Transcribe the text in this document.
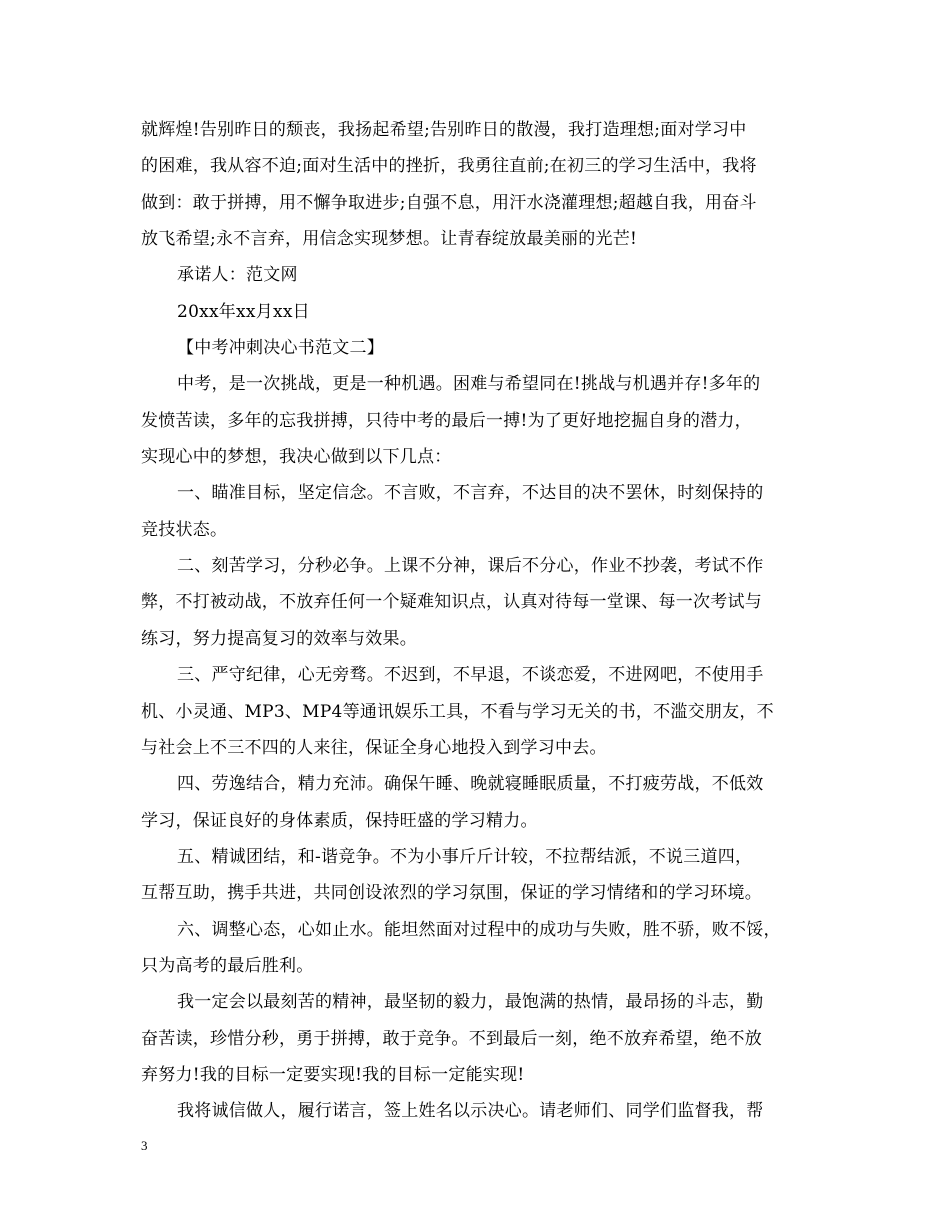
就辉煌!告别昨日的颓丧，我扬起希望;告别昨日的散漫，我打造理想;面对学习中
的困难，我从容不迫;面对生活中的挫折，我勇往直前;在初三的学习生活中，我将
做到：敢于拼搏，用不懈争取进步;自强不息，用汗水浇灌理想;超越自我，用奋斗
放飞希望;永不言弃，用信念实现梦想。让青春绽放最美丽的光芒!
承诺人：范文网
20xx年xx月xx日
【中考冲刺决心书范文二】
中考，是一次挑战，更是一种机遇。困难与希望同在!挑战与机遇并存!多年的
发愤苦读，多年的忘我拼搏，只待中考的最后一搏!为了更好地挖掘自身的潜力，
实现心中的梦想，我决心做到以下几点：
一、瞄准目标，坚定信念。不言败，不言弃，不达目的决不罢休，时刻保持的
竞技状态。
二、刻苦学习，分秒必争。上课不分神，课后不分心，作业不抄袭，考试不作
弊，不打被动战，不放弃任何一个疑难知识点，认真对待每一堂课、每一次考试与
练习，努力提高复习的效率与效果。
三、严守纪律，心无旁骛。不迟到，不早退，不谈恋爱，不进网吧，不使用手
机、小灵通、MP3、MP4等通讯娱乐工具，不看与学习无关的书，不滥交朋友，不
与社会上不三不四的人来往，保证全身心地投入到学习中去。
四、劳逸结合，精力充沛。确保午睡、晚就寝睡眠质量，不打疲劳战，不低效
学习，保证良好的身体素质，保持旺盛的学习精力。
五、精诚团结，和-谐竞争。不为小事斤斤计较，不拉帮结派，不说三道四，
互帮互助，携手共进，共同创设浓烈的学习氛围，保证的学习情绪和的学习环境。
六、调整心态，心如止水。能坦然面对过程中的成功与失败，胜不骄，败不馁，
只为高考的最后胜利。
我一定会以最刻苦的精神，最坚韧的毅力，最饱满的热情，最昂扬的斗志，勤
奋苦读，珍惜分秒，勇于拼搏，敢于竞争。不到最后一刻，绝不放弃希望，绝不放
弃努力!我的目标一定要实现!我的目标一定能实现!
我将诚信做人，履行诺言，签上姓名以示决心。请老师们、同学们监督我，帮
3
